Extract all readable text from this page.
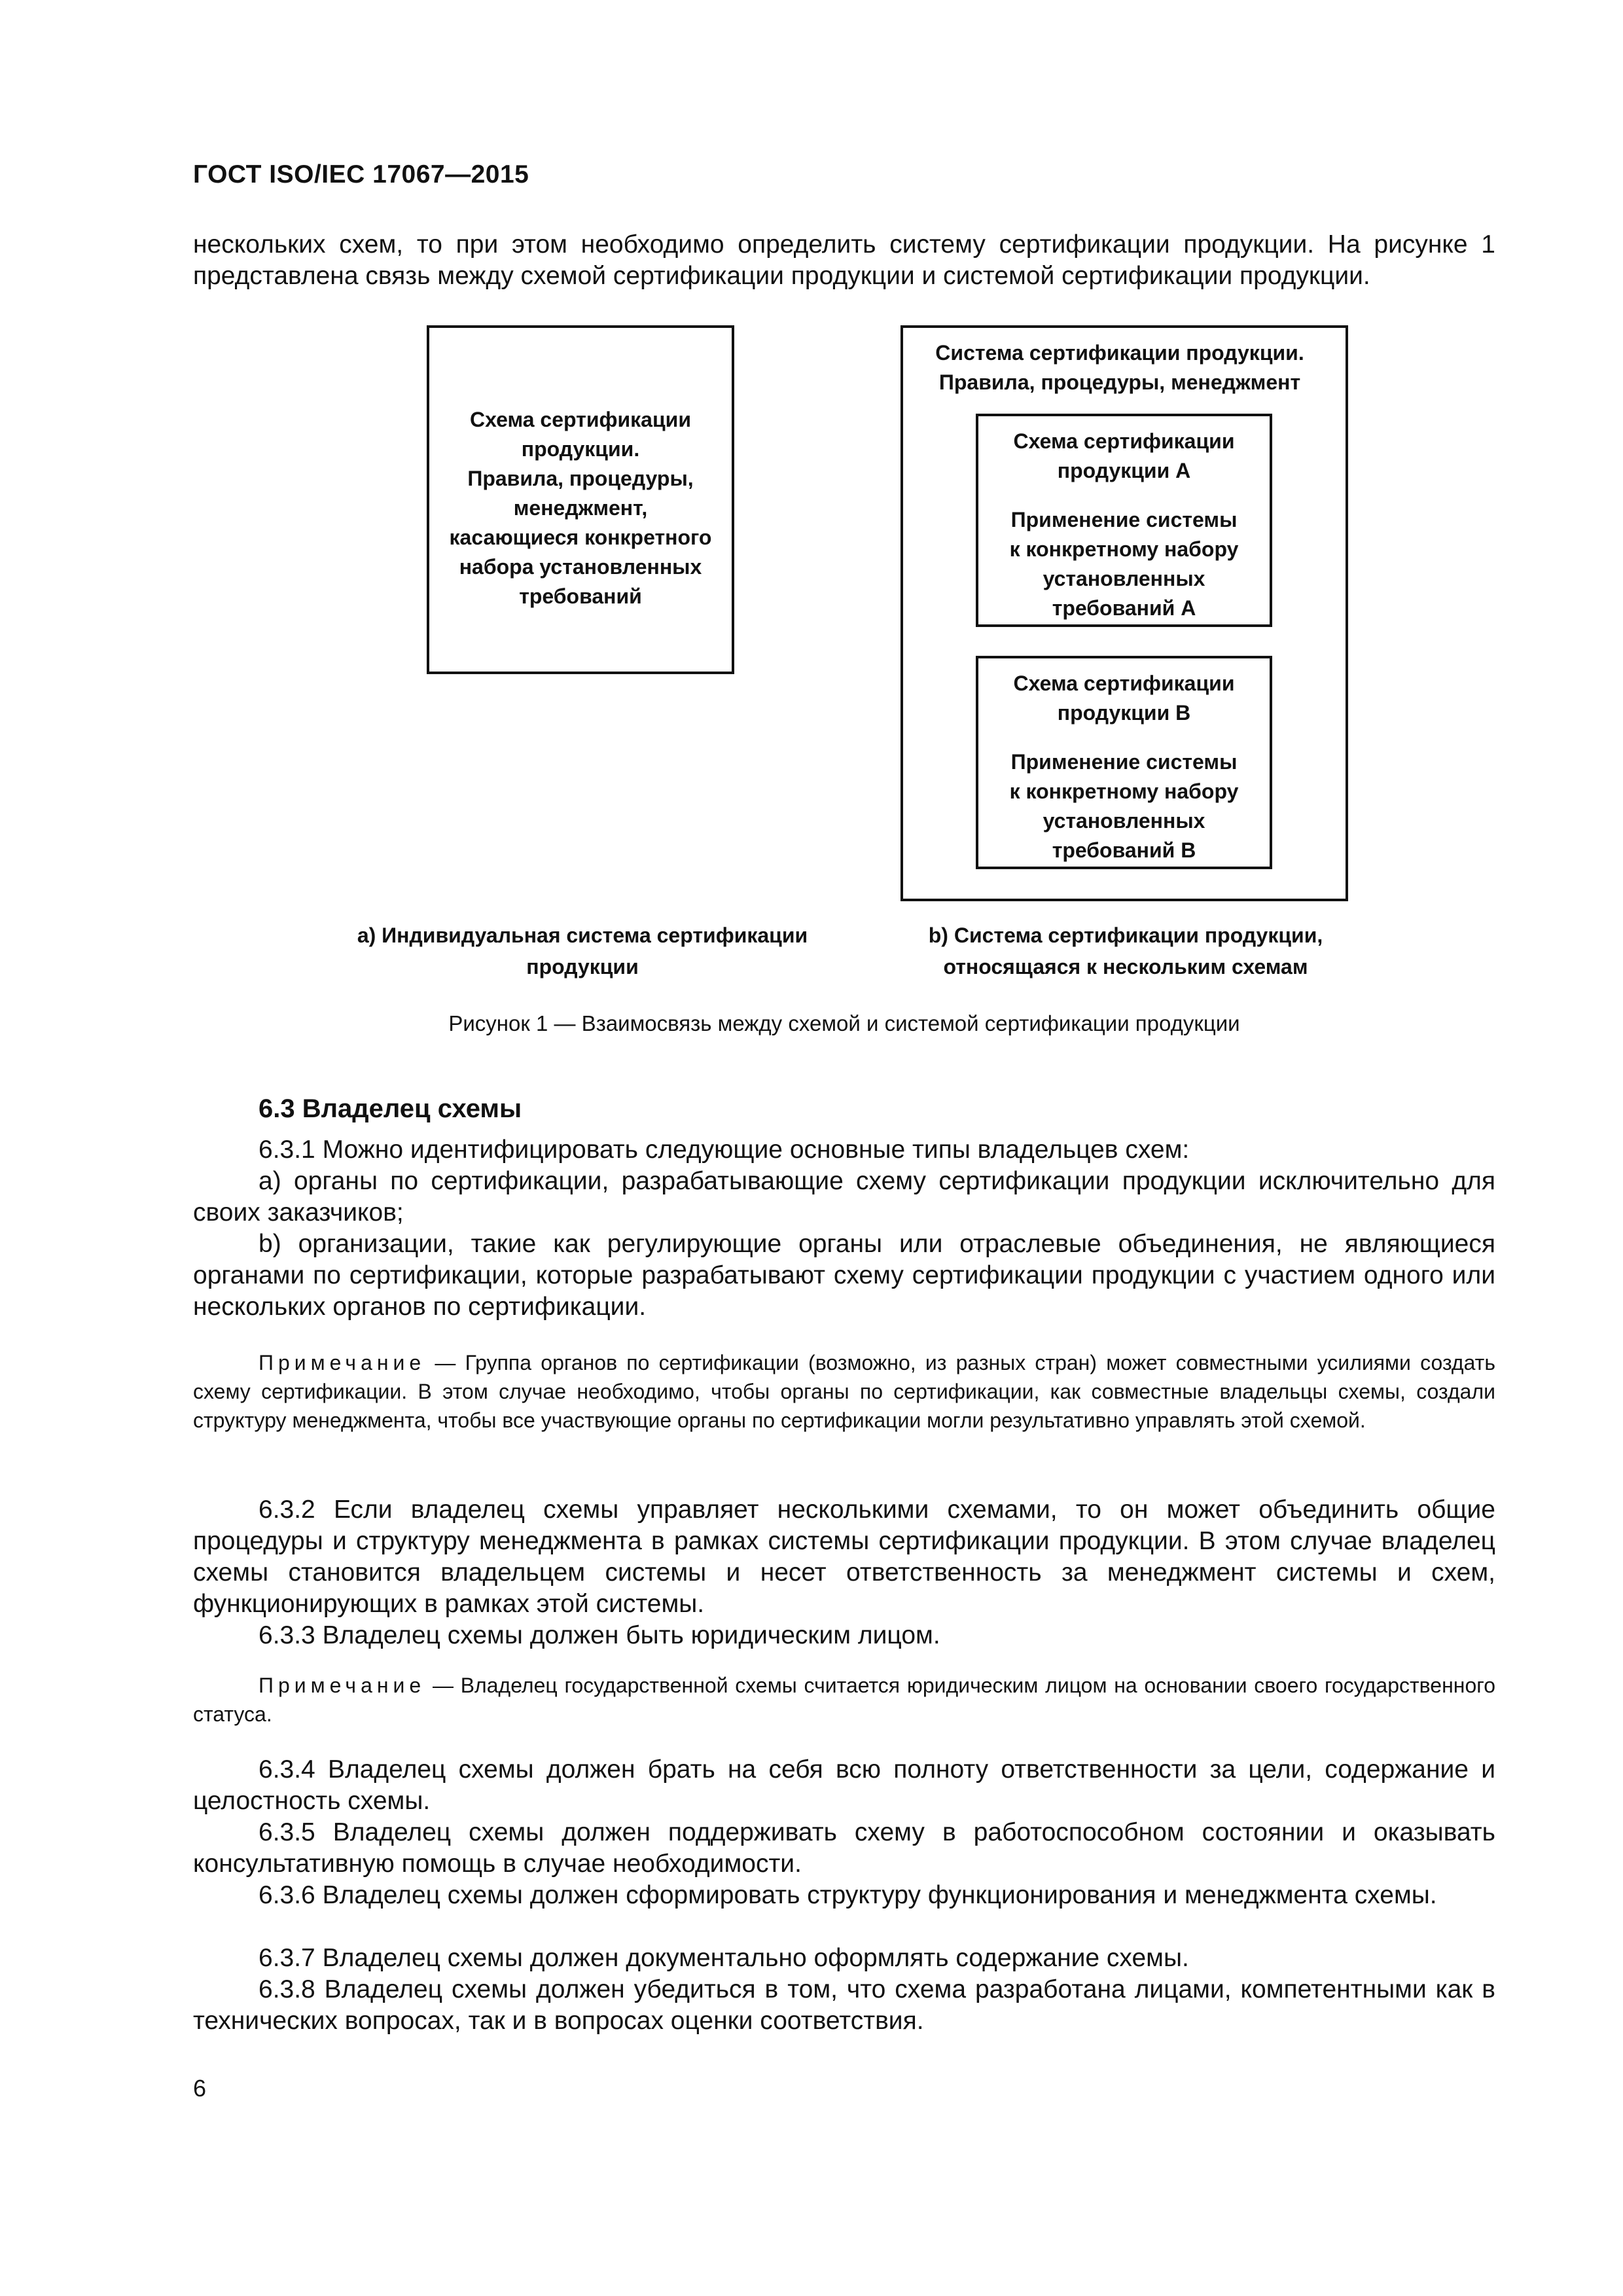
ГОСТ ISO/IEC 17067—2015
нескольких схем, то при этом необходимо определить систему сертификации продукции. На рисунке 1 представлена связь между схемой сертификации продукции и системой сертификации продукции.
Схема сертификации
продукции.
Правила, процедуры,
менеджмент,
касающиеся конкретного
набора установленных
требований
Система сертификации продукции.
Правила, процедуры, менеджмент
Схема сертификации
продукции А
Применение системы
к конкретному набору
установленных
требований А
Схема сертификации
продукции В
Применение системы
к конкретному набору
установленных
требований В
а) Индивидуальная система сертификации
продукции
b) Система сертификации продукции,
относящаяся к нескольким схемам
Рисунок 1 — Взаимосвязь между схемой и системой сертификации продукции
6.3 Владелец схемы
6.3.1 Можно идентифицировать следующие основные типы владельцев схем:
а) органы по сертификации, разрабатывающие схему сертификации продукции исключительно для своих заказчиков;
b) организации, такие как регулирующие органы или отраслевые объединения, не являющиеся органами по сертификации, которые разрабатывают схему сертификации продукции с участием одного или нескольких органов по сертификации.
Примечание — Группа органов по сертификации (возможно, из разных стран) может совместными усилиями создать схему сертификации. В этом случае необходимо, чтобы органы по сертификации, как совместные владельцы схемы, создали структуру менеджмента, чтобы все участвующие органы по сертификации могли результативно управлять этой схемой.
6.3.2 Если владелец схемы управляет несколькими схемами, то он может объединить общие процедуры и структуру менеджмента в рамках системы сертификации продукции. В этом случае владелец схемы становится владельцем системы и несет ответственность за менеджмент системы и схем, функционирующих в рамках этой системы.
6.3.3 Владелец схемы должен быть юридическим лицом.
Примечание — Владелец государственной схемы считается юридическим лицом на основании своего государственного статуса.
6.3.4 Владелец схемы должен брать на себя всю полноту ответственности за цели, содержание и целостность схемы.
6.3.5 Владелец схемы должен поддерживать схему в работоспособном состоянии и оказывать консультативную помощь в случае необходимости.
6.3.6 Владелец схемы должен сформировать структуру функционирования и менеджмента схемы.
6.3.7 Владелец схемы должен документально оформлять содержание схемы.
6.3.8 Владелец схемы должен убедиться в том, что схема разработана лицами, компетентными как в технических вопросах, так и в вопросах оценки соответствия.
6
